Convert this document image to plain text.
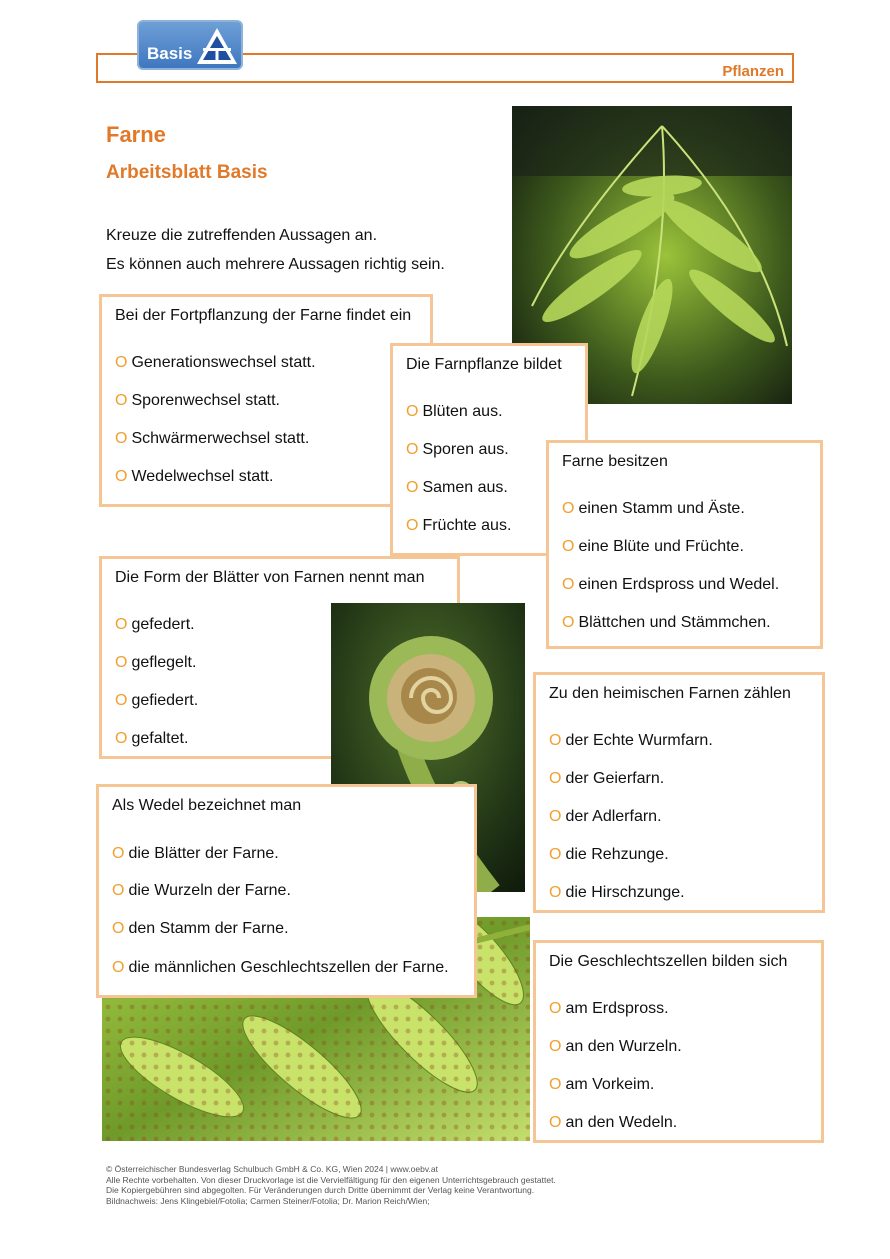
Basis
Pflanzen
Farne
Arbeitsblatt Basis
Kreuze die zutreffenden Aussagen an.
Es können auch mehrere Aussagen richtig sein.
Bei der Fortpflanzung der Farne findet ein
O Generationswechsel statt.
O Sporenwechsel statt.
O Schwärmerwechsel statt.
O Wedelwechsel statt.
Die Farnpflanze bildet
O Blüten aus.
O Sporen aus.
O Samen aus.
O Früchte aus.
Farne besitzen
O einen Stamm und Äste.
O eine Blüte und Früchte.
O einen Erdspross und Wedel.
O Blättchen und Stämmchen.
Die Form der Blätter von Farnen nennt man
O gefedert.
O geflegelt.
O gefiedert.
O gefaltet.
Zu den heimischen Farnen zählen
O der Echte Wurmfarn.
O der Geierfarn.
O der Adlerfarn.
O die Rehzunge.
O die Hirschzunge.
Als Wedel bezeichnet man
O die Blätter der Farne.
O die Wurzeln der Farne.
O den Stamm der Farne.
O die männlichen Geschlechtszellen der Farne.	Die Geschlechtszellen bilden sich
O am Erdspross.
O an den Wurzeln.
O am Vorkeim.
O an den Wedeln.
© Österreichischer Bundesverlag Schulbuch GmbH & Co. KG, Wien 2024 | www.oebv.at
Alle Rechte vorbehalten. Von dieser Druckvorlage ist die Vervielfältigung für den eigenen Unterrichtsgebrauch gestattet.
Die Kopiergebühren sind abgegolten. Für Veränderungen durch Dritte übernimmt der Verlag keine Verantwortung.
Bildnachweis: Jens Klingebiel/Fotolia; Carmen Steiner/Fotolia; Dr. Marion Reich/Wien;
